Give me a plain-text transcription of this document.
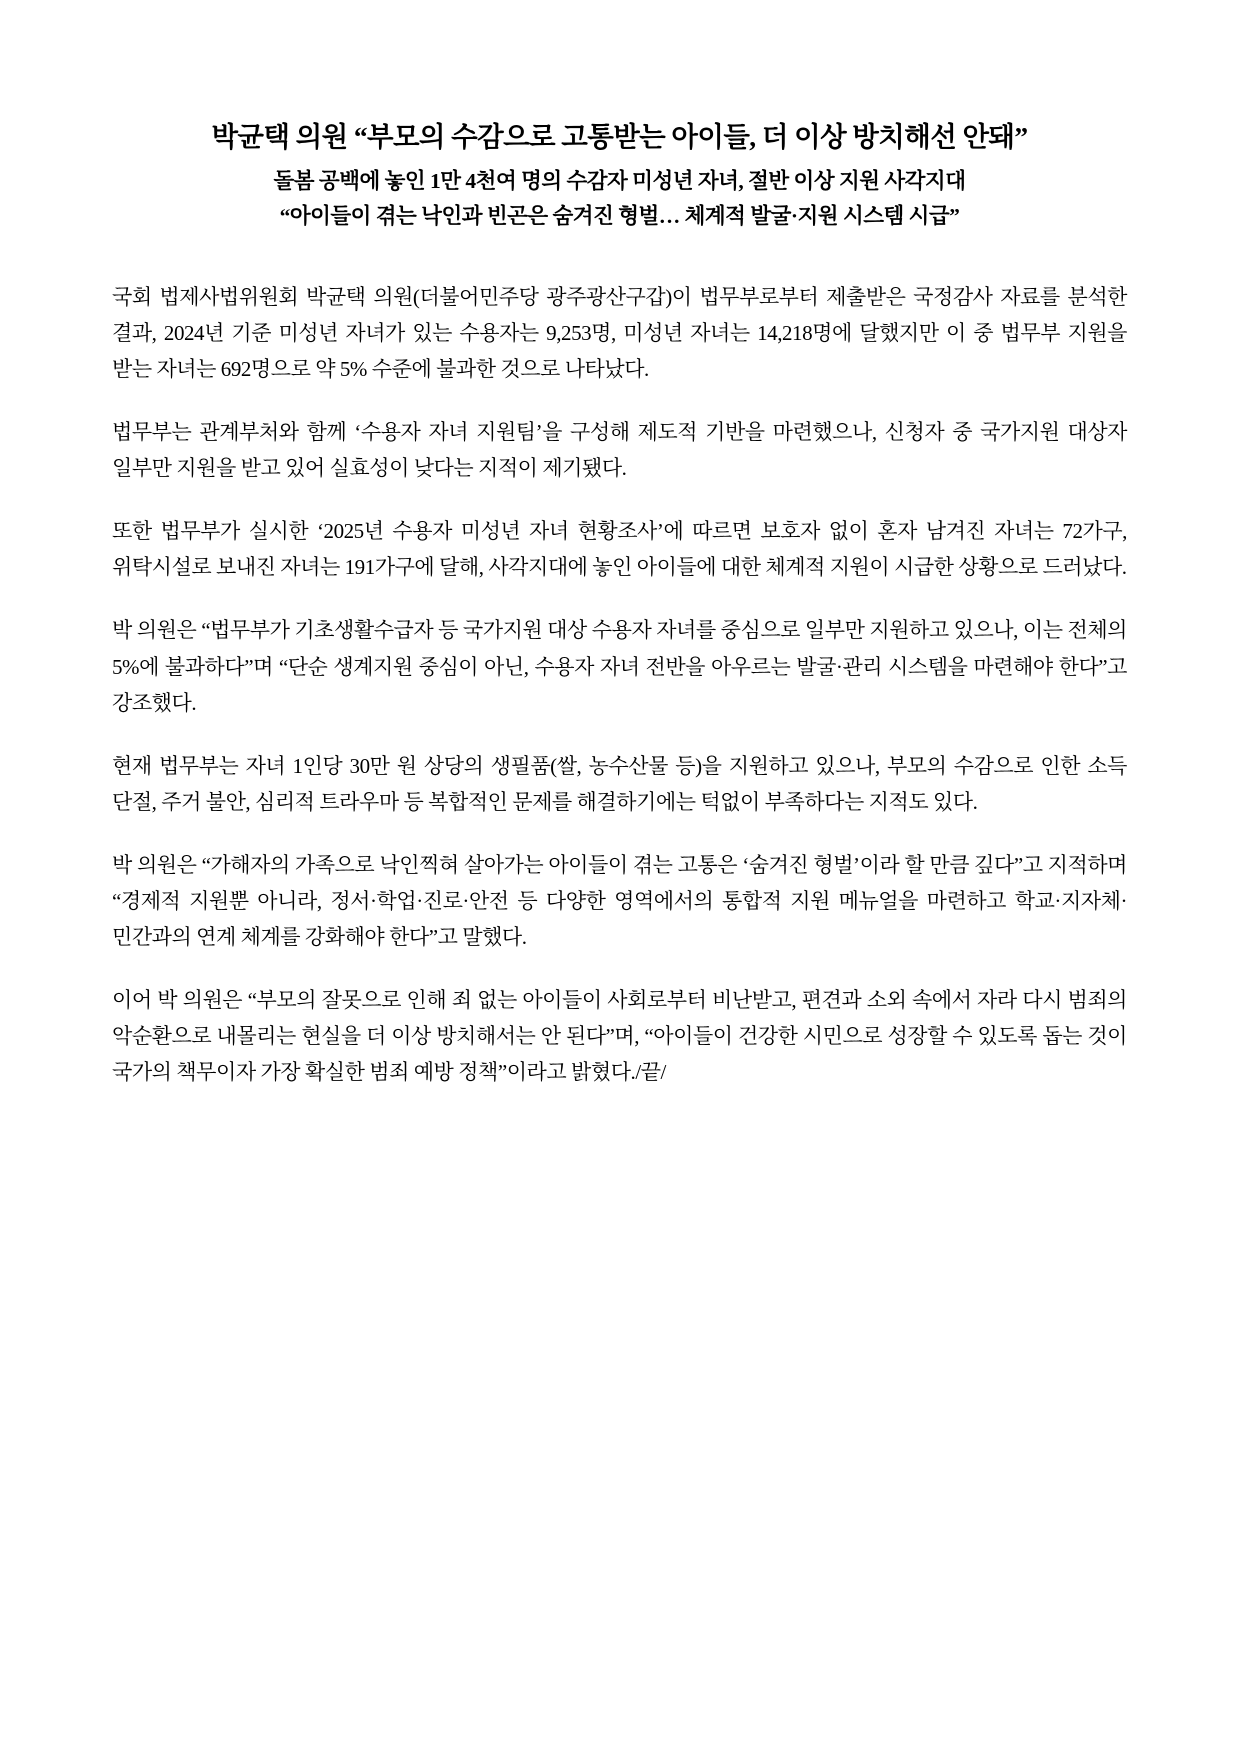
박균택 의원 “부모의 수감으로 고통받는 아이들, 더 이상 방치해선 안돼”
돌봄 공백에 놓인 1만 4천여 명의 수감자 미성년 자녀, 절반 이상 지원 사각지대
“아이들이 겪는 낙인과 빈곤은 숨겨진 형벌… 체계적 발굴·지원 시스템 시급”

국회 법제사법위원회 박균택 의원(더불어민주당 광주광산구갑)이 법무부로부터 제출받은 국정감사 자료를 분석한 결과, 2024년 기준 미성년 자녀가 있는 수용자는 9,253명, 미성년 자녀는 14,218명에 달했지만 이 중 법무부 지원을 받는 자녀는 692명으로 약 5% 수준에 불과한 것으로 나타났다.

법무부는 관계부처와 함께 ‘수용자 자녀 지원팀’을 구성해 제도적 기반을 마련했으나, 신청자 중 국가지원 대상자 일부만 지원을 받고 있어 실효성이 낮다는 지적이 제기됐다.

또한 법무부가 실시한 ‘2025년 수용자 미성년 자녀 현황조사’에 따르면 보호자 없이 혼자 남겨진 자녀는 72가구, 위탁시설로 보내진 자녀는 191가구에 달해, 사각지대에 놓인 아이들에 대한 체계적 지원이 시급한 상황으로 드러났다.

박 의원은 “법무부가 기초생활수급자 등 국가지원 대상 수용자 자녀를 중심으로 일부만 지원하고 있으나, 이는 전체의 5%에 불과하다”며 “단순 생계지원 중심이 아닌, 수용자 자녀 전반을 아우르는 발굴·관리 시스템을 마련해야 한다”고 강조했다.

현재 법무부는 자녀 1인당 30만 원 상당의 생필품(쌀, 농수산물 등)을 지원하고 있으나, 부모의 수감으로 인한 소득 단절, 주거 불안, 심리적 트라우마 등 복합적인 문제를 해결하기에는 턱없이 부족하다는 지적도 있다.

박 의원은 “가해자의 가족으로 낙인찍혀 살아가는 아이들이 겪는 고통은 ‘숨겨진 형벌’이라 할 만큼 깊다”고 지적하며 “경제적 지원뿐 아니라, 정서·학업·진로·안전 등 다양한 영역에서의 통합적 지원 메뉴얼을 마련하고 학교·지자체·민간과의 연계 체계를 강화해야 한다”고 말했다.

이어 박 의원은 “부모의 잘못으로 인해 죄 없는 아이들이 사회로부터 비난받고, 편견과 소외 속에서 자라 다시 범죄의 악순환으로 내몰리는 현실을 더 이상 방치해서는 안 된다”며, “아이들이 건강한 시민으로 성장할 수 있도록 돕는 것이 국가의 책무이자 가장 확실한 범죄 예방 정책”이라고 밝혔다./끝/
